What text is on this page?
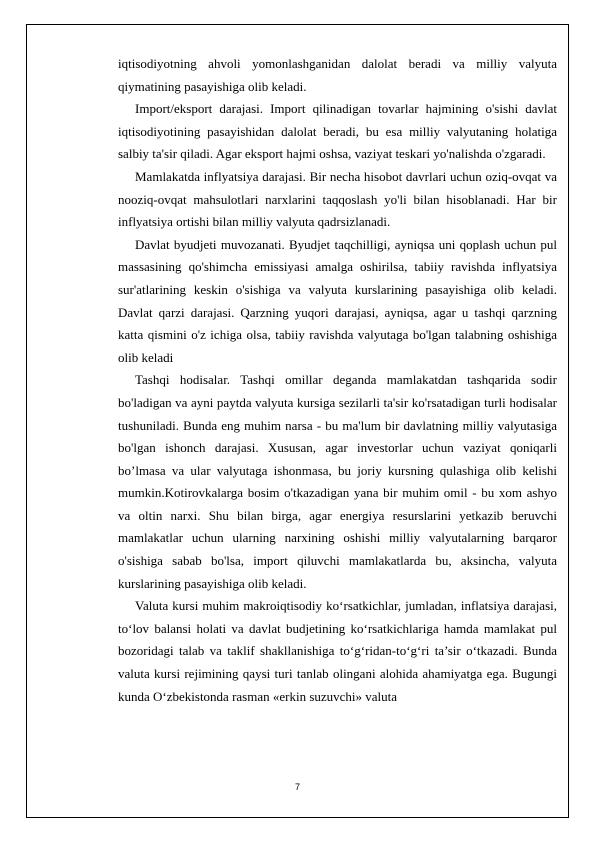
iqtisodiyotning ahvoli yomonlashganidan dalolat beradi va milliy valyuta qiymatining pasayishiga olib keladi.

Import/eksport darajasi. Import qilinadigan tovarlar hajmining o'sishi davlat iqtisodiyotining pasayishidan dalolat beradi, bu esa milliy valyutaning holatiga salbiy ta'sir qiladi. Agar eksport hajmi oshsa, vaziyat teskari yo'nalishda o'zgaradi.

Mamlakatda inflyatsiya darajasi. Bir necha hisobot davrlari uchun oziq-ovqat va nooziq-ovqat mahsulotlari narxlarini taqqoslash yo'li bilan hisoblanadi. Har bir inflyatsiya ortishi bilan milliy valyuta qadrsizlanadi.

Davlat byudjeti muvozanati. Byudjet taqchilligi, ayniqsa uni qoplash uchun pul massasining qo'shimcha emissiyasi amalga oshirilsa, tabiiy ravishda inflyatsiya sur'atlarining keskin o'sishiga va valyuta kurslarining pasayishiga olib keladi. Davlat qarzi darajasi. Qarzning yuqori darajasi, ayniqsa, agar u tashqi qarzning katta qismini o'z ichiga olsa, tabiiy ravishda valyutaga bo'lgan talabning oshishiga olib keladi

Tashqi hodisalar. Tashqi omillar deganda mamlakatdan tashqarida sodir bo'ladigan va ayni paytda valyuta kursiga sezilarli ta'sir ko'rsatadigan turli hodisalar tushuniladi. Bunda eng muhim narsa - bu ma'lum bir davlatning milliy valyutasiga bo'lgan ishonch darajasi. Xususan, agar investorlar uchun vaziyat qoniqarli bo’lmasa va ular valyutaga ishonmasa, bu joriy kursning qulashiga olib kelishi mumkin.Kotirovkalarga bosim o'tkazadigan yana bir muhim omil - bu xom ashyo va oltin narxi. Shu bilan birga, agar energiya resurslarini yetkazib beruvchi mamlakatlar uchun ularning narxining oshishi milliy valyutalarning barqaror o'sishiga sabab bo'lsa, import qiluvchi mamlakatlarda bu, aksincha, valyuta kurslarining pasayishiga olib keladi.

Valuta kursi muhim makroiqtisodiy ko‘rsatkichlar, jumladan, inflatsiya darajasi, to‘lov balansi holati va davlat budjetining ko‘rsatkichlariga hamda mamlakat pul bozoridagi talab va taklif shakllanishiga to‘g‘ridan-to‘g‘ri ta’sir o‘tkazadi. Bunda valuta kursi rejimining qaysi turi tanlab olingani alohida ahamiyatga ega. Bugungi kunda O‘zbekistonda rasman «erkin suzuvchi» valuta

7
